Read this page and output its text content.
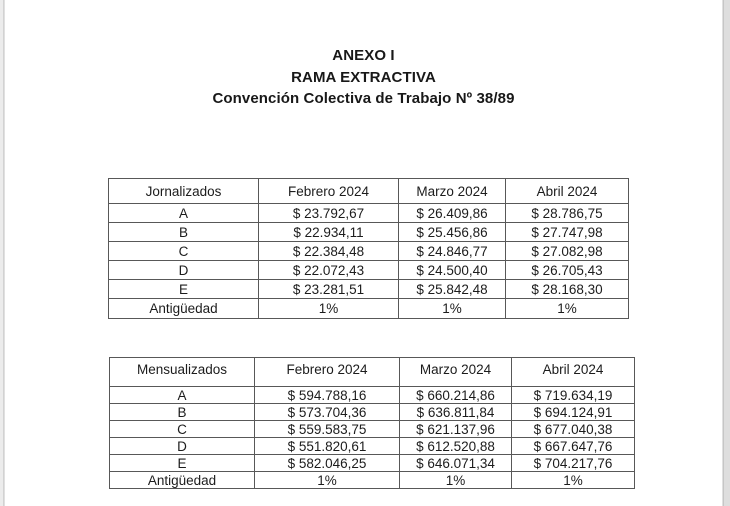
ANEXO I
RAMA EXTRACTIVA
Convención Colectiva de Trabajo Nº 38/89
Jornalizados	Febrero 2024	Marzo 2024	Abril 2024
A	$ 23.792,67	$ 26.409,86	$ 28.786,75
B	$ 22.934,11	$ 25.456,86	$ 27.747,98
C	$ 22.384,48	$ 24.846,77	$ 27.082,98
D	$ 22.072,43	$ 24.500,40	$ 26.705,43
E	$ 23.281,51	$ 25.842,48	$ 28.168,30
Antigüedad	1%	1%	1%
Mensualizados	Febrero 2024	Marzo 2024	Abril 2024
A	$ 594.788,16	$ 660.214,86	$ 719.634,19
B	$ 573.704,36	$ 636.811,84	$ 694.124,91
C	$ 559.583,75	$ 621.137,96	$ 677.040,38
D	$ 551.820,61	$ 612.520,88	$ 667.647,76
E	$ 582.046,25	$ 646.071,34	$ 704.217,76
Antigüedad	1%	1%	1%
